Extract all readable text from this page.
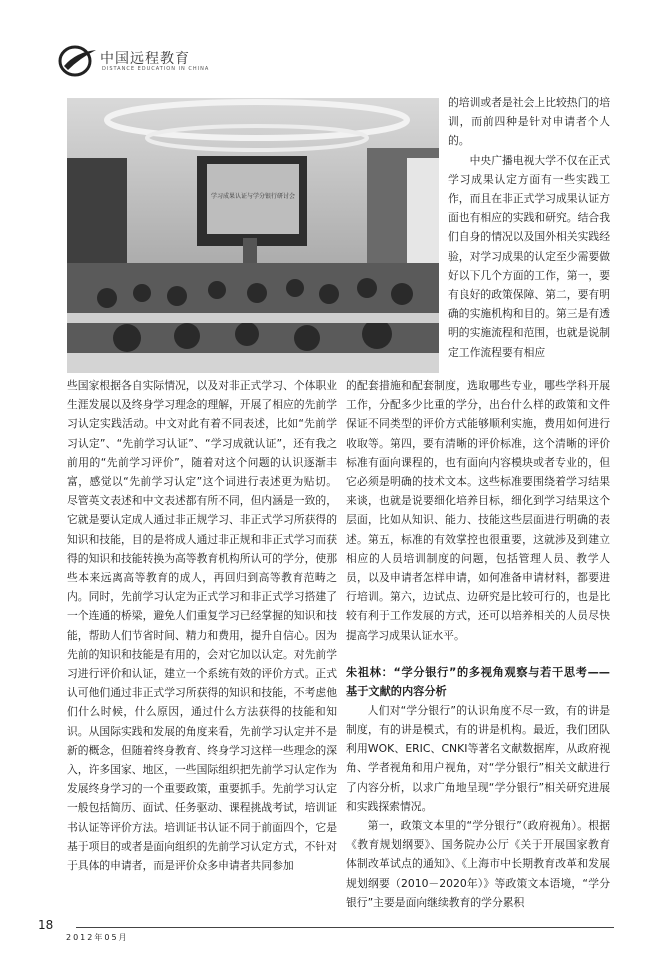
中国远程教育
DISTANCE EDUCATION IN CHINA
学习成果认证与学分银行研讨会

的培训或者是社会上比较热门的培训，而前四种是针对申请者个人的。

中央广播电视大学不仅在正式学习成果认定方面有一些实践工作，而且在非正式学习成果认证方面也有相应的实践和研究。结合我们自身的情况以及国外相关实践经验，对学习成果的认定至少需要做好以下几个方面的工作，第一，要有良好的政策保障、第二，要有明确的实施机构和目的。第三是有透明的实施流程和范围，也就是说制定工作流程要有相应

些国家根据各自实际情况，以及对非正式学习、个体职业生涯发展以及终身学习理念的理解，开展了相应的先前学习认定实践活动。中文对此有着不同表述，比如“先前学习认定”、“先前学习认证”、“学习成就认证”，还有我之前用的“先前学习评价”，随着对这个问题的认识逐渐丰富，感觉以“先前学习认定”这个词进行表述更为贴切。尽管英文表述和中文表述都有所不同，但内涵是一致的，它就是要认定成人通过非正规学习、非正式学习所获得的知识和技能，目的是将成人通过非正规和非正式学习而获得的知识和技能转换为高等教育机构所认可的学分，使那些本来远离高等教育的成人，再回归到高等教育范畴之内。同时，先前学习认定为正式学习和非正式学习搭建了一个连通的桥梁，避免人们重复学习已经掌握的知识和技能，帮助人们节省时间、精力和费用，提升自信心。因为先前的知识和技能是有用的，会对它加以认定。对先前学习进行评价和认证，建立一个系统有效的评价方式。正式认可他们通过非正式学习所获得的知识和技能，不考虑他们什么时候，什么原因，通过什么方法获得的技能和知识。从国际实践和发展的角度来看，先前学习认定并不是新的概念，但随着终身教育、终身学习这样一些理念的深入，许多国家、地区，一些国际组织把先前学习认定作为发展终身学习的一个重要政策，重要抓手。先前学习认定一般包括简历、面试、任务驱动、课程挑战考试，培训证书认证等评价方法。培训证书认证不同于前面四个，它是基于项目的或者是面向组织的先前学习认定方式，不针对于具体的申请者，而是评价众多申请者共同参加

的配套措施和配套制度，选取哪些专业，哪些学科开展工作，分配多少比重的学分，出台什么样的政策和文件保证不同类型的评价方式能够顺利实施，费用如何进行收取等。第四，要有清晰的评价标准，这个清晰的评价标准有面向课程的，也有面向内容模块或者专业的，但它必须是明确的技术文本。这些标准要围绕着学习结果来谈，也就是说要细化培养目标，细化到学习结果这个层面，比如从知识、能力、技能这些层面进行明确的表述。第五，标准的有效掌控也很重要，这就涉及到建立相应的人员培训制度的问题，包括管理人员、教学人员，以及申请者怎样申请，如何准备申请材料，都要进行培训。第六，边试点、边研究是比较可行的，也是比较有利于工作发展的方式，还可以培养相关的人员尽快提高学习成果认证水平。

朱祖林：“学分银行”的多视角观察与若干思考—— 基于文献的内容分析

人们对“学分银行”的认识角度不尽一致，有的讲是制度，有的讲是模式，有的讲是机构。最近，我们团队利用WOK、ERIC、CNKI等著名文献数据库，从政府视角、学者视角和用户视角，对“学分银行”相关文献进行了内容分析，以求广角地呈现“学分银行”相关研究进展和实践探索情况。

第一，政策文本里的“学分银行”（政府视角）。根据《教育规划纲要》、国务院办公厅《关于开展国家教育体制改革试点的通知》、《上海市中长期教育改革和发展规划纲要（2010－2020年）》等政策文本语境，“学分银行”主要是面向继续教育的学分累积

18
2012年05月
